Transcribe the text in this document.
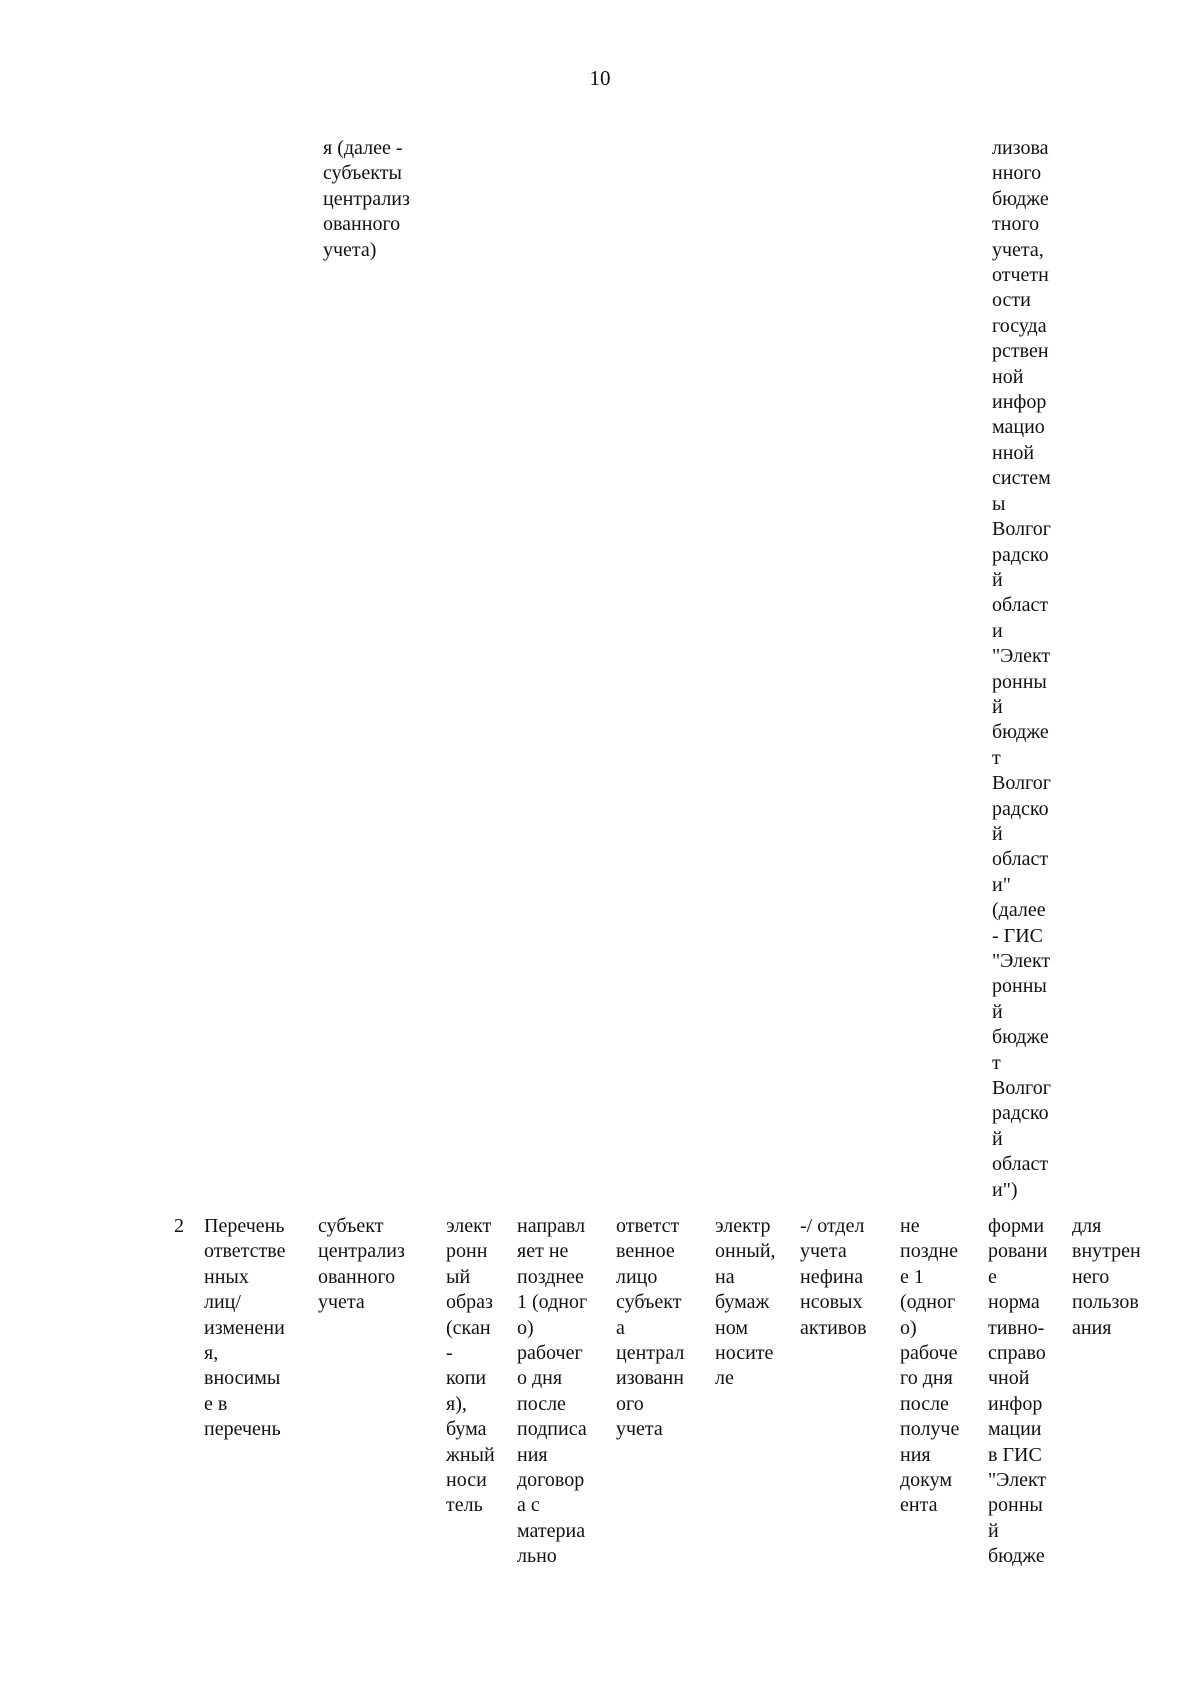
10
я (далее -
субъекты
централиз
ованного
учета)
лизова
нного
бюдже
тного
учета,
отчетн
ости
госуда
рствен
ной
инфор
мацио
нной
систем
ы
Волгог
радско
й
област
и
"Элект
ронны
й
бюдже
т
Волгог
радско
й
област
и"
(далее
- ГИС
"Элект
ронны
й
бюдже
т
Волгог
радско
й
област
и")
2 Перечень
ответстве
нных
лиц/
изменени
я,
вносимы
е в
перечень
субъект
централиз
ованного
учета
элект
ронн
ый
образ
(скан
-
копи
я),
бума
жный
носи
тель
направл
яет не
позднее
1 (одног
о)
рабочег
о дня
после
подписа
ния
договор
а с
материа
льно
ответст
венное
лицо
субъект
а
централ
изованн
ого
учета
электр
онный,
на
бумаж
ном
носите
ле
-/ отдел
учета
нефина
нсовых
активов
не
поздне
е 1
(одног
о)
рабоче
го дня
после
получе
ния
докум
ента
форми
ровани
е
норма
тивно-
справо
чной
инфор
мации
в ГИС
"Элект
ронны
й
бюдже
для
внутрен
него
пользов
ания
